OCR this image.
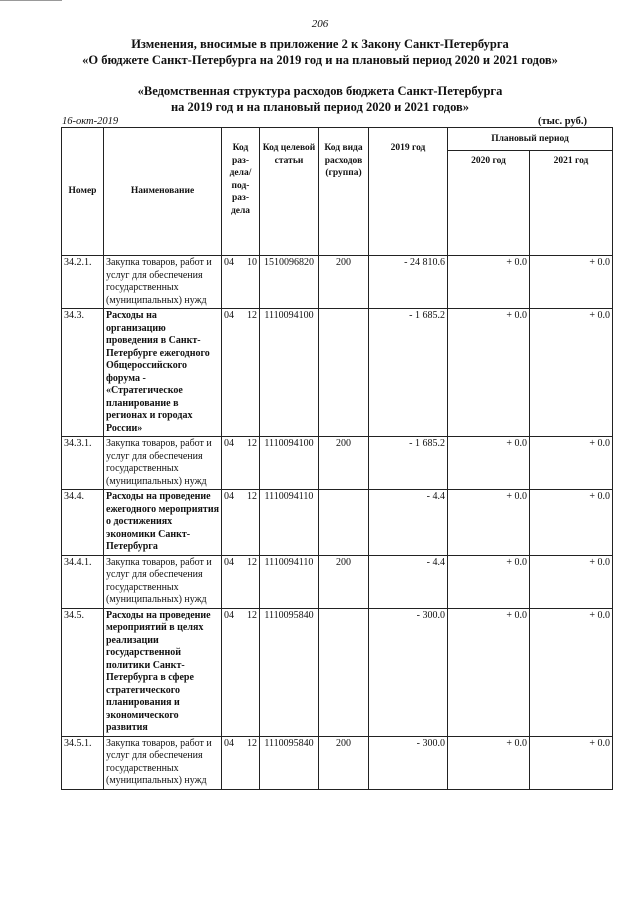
206
Изменения, вносимые в приложение 2 к Закону Санкт-Петербурга
«О бюджете Санкт-Петербурга на 2019 год и на плановый период 2020 и 2021 годов»
«Ведомственная структура расходов бюджета Санкт-Петербурга
на 2019 год и на плановый период 2020 и 2021 годов»
16-окт-2019	(тыс. руб.)
Номер	Наименование	Код раз- дела/ под- раз- дела	Код целевой статьи	Код вида расходов (группа)	2019 год	Плановый период	
						2020 год	2021 год
34.2.1.	Закупка товаров, работ и услуг для обеспечения государственных (муниципальных) нужд	04 10	1510096820	200	- 24 810.6	+ 0.0	+ 0.0
34.3.	Расходы на организацию проведения в Санкт-Петербурге ежегодного Общероссийского форума - «Стратегическое планирование в регионах и городах России»	04 12	1110094100		- 1 685.2	+ 0.0	+ 0.0
34.3.1.	Закупка товаров, работ и услуг для обеспечения государственных (муниципальных) нужд	04 12	1110094100	200	- 1 685.2	+ 0.0	+ 0.0
34.4.	Расходы на проведение ежегодного мероприятия о достижениях экономики Санкт-Петербурга	04 12	1110094110		- 4.4	+ 0.0	+ 0.0
34.4.1.	Закупка товаров, работ и услуг для обеспечения государственных (муниципальных) нужд	04 12	1110094110	200	- 4.4	+ 0.0	+ 0.0
34.5.	Расходы на проведение мероприятий в целях реализации государственной политики Санкт-Петербурга в сфере стратегического планирования и экономического развития	04 12	1110095840		- 300.0	+ 0.0	+ 0.0
34.5.1.	Закупка товаров, работ и услуг для обеспечения государственных (муниципальных) нужд	04 12	1110095840	200	- 300.0	+ 0.0	+ 0.0
